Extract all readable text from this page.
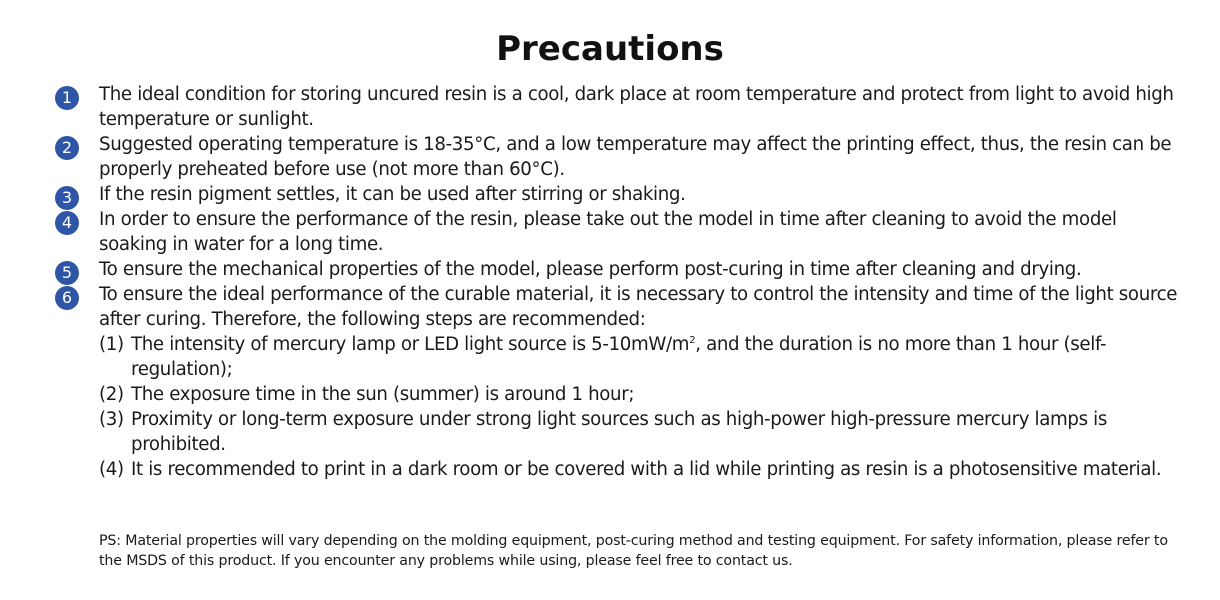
Precautions
1	The ideal condition for storing uncured resin is a cool, dark place at room temperature and protect from light to avoid high temperature or sunlight.
2	Suggested operating temperature is 18-35°C, and a low temperature may affect the printing effect, thus, the resin can be properly preheated before use (not more than 60°C).
3	If the resin pigment settles, it can be used after stirring or shaking.
4	In order to ensure the performance of the resin, please take out the model in time after cleaning to avoid the model soaking in water for a long time.
5	To ensure the mechanical properties of the model, please perform post-curing in time after cleaning and drying.
6	To ensure the ideal performance of the curable material, it is necessary to control the intensity and time of the light source after curing. Therefore, the following steps are recommended:
(1) The intensity of mercury lamp or LED light source is $5-10mW/m^2$, and the duration is no more than 1 hour (self-regulation);
(2) The exposure time in the sun (summer) is around 1 hour;
(3) Proximity or long-term exposure under strong light sources such as high-power high-pressure mercury lamps is prohibited.
(4) It is recommended to print in a dark room or be covered with a lid while printing as resin is a photosensitive material.
PS: Material properties will vary depending on the molding equipment, post-curing method and testing equipment. For safety information, please refer to the MSDS of this product. If you encounter any problems while using, please feel free to contact us.
